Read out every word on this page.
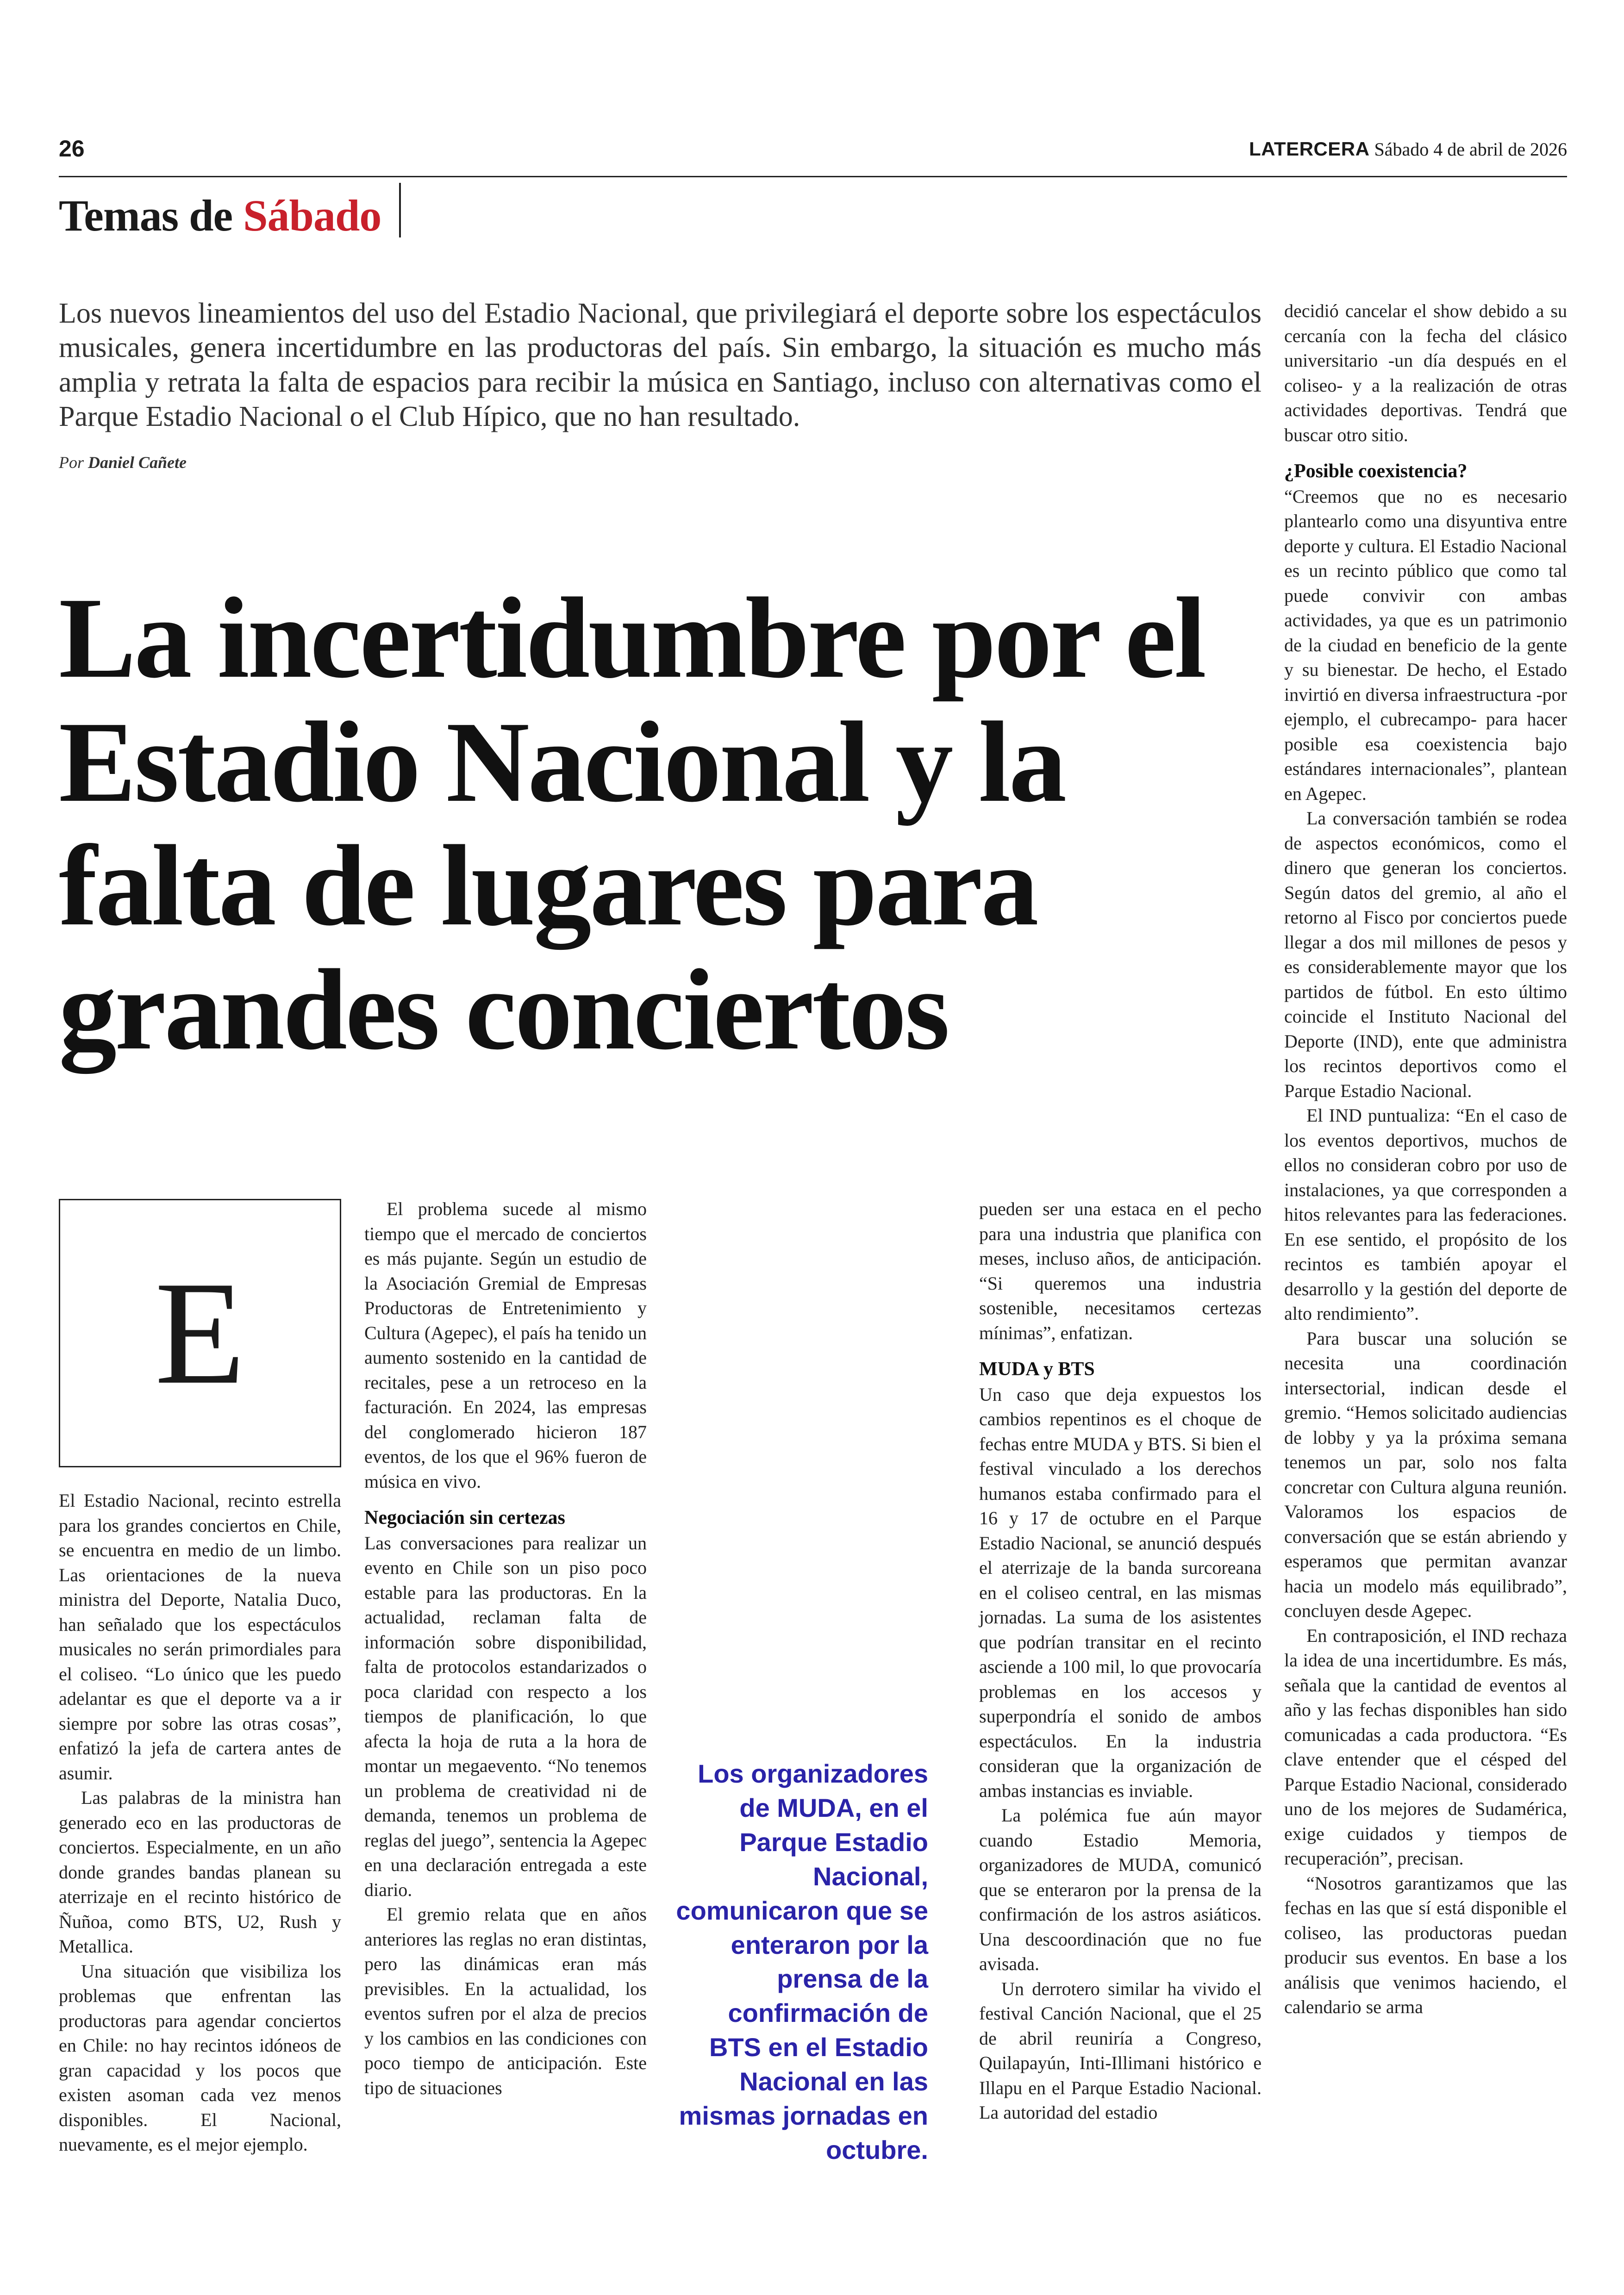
26	LATERCERA Sábado 4 de abril de 2026
Temas de Sábado
Los nuevos lineamientos del uso del Estadio Nacional, que privilegiará el deporte sobre los espectáculos musicales, genera incertidumbre en las productoras del país. Sin embargo, la situación es mucho más amplia y retrata la falta de espacios para recibir la música en Santiago, incluso con alternativas como el Parque Estadio Nacional o el Club Hípico, que no han resultado.
Por Daniel Cañete
La incertidumbre por el Estadio Nacional y la falta de lugares para grandes conciertos
E

El Estadio Nacional, recinto estrella para los grandes conciertos en Chile, se encuentra en medio de un limbo. Las orientaciones de la nueva ministra del Deporte, Natalia Duco, han señalado que los espectáculos musicales no serán primordiales para el coliseo. “Lo único que les puedo adelantar es que el deporte va a ir siempre por sobre las otras cosas”, enfatizó la jefa de cartera antes de asumir.

Las palabras de la ministra han generado eco en las productoras de conciertos. Especialmente, en un año donde grandes bandas planean su aterrizaje en el recinto histórico de Ñuñoa, como BTS, U2, Rush y Metallica.

Una situación que visibiliza los problemas que enfrentan las productoras para agendar conciertos en Chile: no hay recintos idóneos de gran capacidad y los pocos que existen asoman cada vez menos disponibles. El Nacional, nuevamente, es el mejor ejemplo.

El problema sucede al mismo tiempo que el mercado de conciertos es más pujante. Según un estudio de la Asociación Gremial de Empresas Productoras de Entretenimiento y Cultura (Agepec), el país ha tenido un aumento sostenido en la cantidad de recitales, pese a un retroceso en la facturación. En 2024, las empresas del conglomerado hicieron 187 eventos, de los que el 96% fueron de música en vivo.

Negociación sin certezas

Las conversaciones para realizar un evento en Chile son un piso poco estable para las productoras. En la actualidad, reclaman falta de información sobre disponibilidad, falta de protocolos estandarizados o poca claridad con respecto a los tiempos de planificación, lo que afecta la hoja de ruta a la hora de montar un megaevento. “No tenemos un problema de creatividad ni de demanda, tenemos un problema de reglas del juego”, sentencia la Agepec en una declaración entregada a este diario.

El gremio relata que en años anteriores las reglas no eran distintas, pero las dinámicas eran más previsibles. En la actualidad, los eventos sufren por el alza de precios y los cambios en las condiciones con poco tiempo de anticipación. Este tipo de situaciones

Los organizadores de MUDA, en el Parque Estadio Nacional, comunicaron que se enteraron por la prensa de la confirmación de BTS en el Estadio Nacional en las mismas jornadas en octubre.

pueden ser una estaca en el pecho para una industria que planifica con meses, incluso años, de anticipación. “Si queremos una industria sostenible, necesitamos certezas mínimas”, enfatizan.

MUDA y BTS

Un caso que deja expuestos los cambios repentinos es el choque de fechas entre MUDA y BTS. Si bien el festival vinculado a los derechos humanos estaba confirmado para el 16 y 17 de octubre en el Parque Estadio Nacional, se anunció después el aterrizaje de la banda surcoreana en el coliseo central, en las mismas jornadas. La suma de los asistentes que podrían transitar en el recinto asciende a 100 mil, lo que provocaría problemas en los accesos y superpondría el sonido de ambos espectáculos. En la industria consideran que la organización de ambas instancias es inviable.

La polémica fue aún mayor cuando Estadio Memoria, organizadores de MUDA, comunicó que se enteraron por la prensa de la confirmación de los astros asiáticos. Una descoordinación que no fue avisada.

Un derrotero similar ha vivido el festival Canción Nacional, que el 25 de abril reuniría a Congreso, Quilapayún, Inti-Illimani histórico e Illapu en el Parque Estadio Nacional. La autoridad del estadio

decidió cancelar el show debido a su cercanía con la fecha del clásico universitario -un día después en el coliseo- y a la realización de otras actividades deportivas. Tendrá que buscar otro sitio.

¿Posible coexistencia?

“Creemos que no es necesario plantearlo como una disyuntiva entre deporte y cultura. El Estadio Nacional es un recinto público que como tal puede convivir con ambas actividades, ya que es un patrimonio de la ciudad en beneficio de la gente y su bienestar. De hecho, el Estado invirtió en diversa infraestructura -por ejemplo, el cubrecampo- para hacer posible esa coexistencia bajo estándares internacionales”, plantean en Agepec.

La conversación también se rodea de aspectos económicos, como el dinero que generan los conciertos. Según datos del gremio, al año el retorno al Fisco por conciertos puede llegar a dos mil millones de pesos y es considerablemente mayor que los partidos de fútbol. En esto último coincide el Instituto Nacional del Deporte (IND), ente que administra los recintos deportivos como el Parque Estadio Nacional.

El IND puntualiza: “En el caso de los eventos deportivos, muchos de ellos no consideran cobro por uso de instalaciones, ya que corresponden a hitos relevantes para las federaciones. En ese sentido, el propósito de los recintos es también apoyar el desarrollo y la gestión del deporte de alto rendimiento”.

Para buscar una solución se necesita una coordinación intersectorial, indican desde el gremio. “Hemos solicitado audiencias de lobby y ya la próxima semana tenemos un par, solo nos falta concretar con Cultura alguna reunión. Valoramos los espacios de conversación que se están abriendo y esperamos que permitan avanzar hacia un modelo más equilibrado”, concluyen desde Agepec.

En contraposición, el IND rechaza la idea de una incertidumbre. Es más, señala que la cantidad de eventos al año y las fechas disponibles han sido comunicadas a cada productora. “Es clave entender que el césped del Parque Estadio Nacional, considerado uno de los mejores de Sudamérica, exige cuidados y tiempos de recuperación”, precisan.

“Nosotros garantizamos que las fechas en las que sí está disponible el coliseo, las productoras puedan producir sus eventos. En base a los análisis que venimos haciendo, el calendario se arma
